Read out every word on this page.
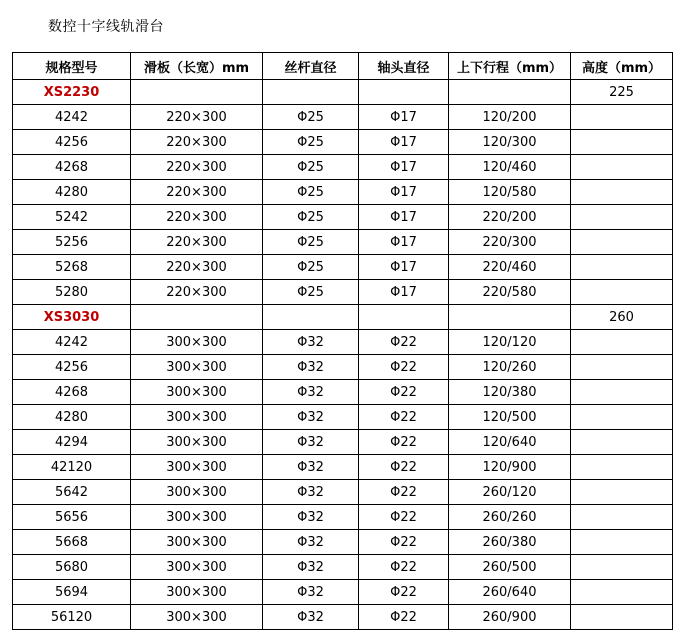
数控十字线轨滑台
规格型号	滑板（长宽）mm	丝杆直径	轴头直径	上下行程（mm）	高度（mm）
XS2230					225
4242	220×300	Φ25	Φ17	120/200	
4256	220×300	Φ25	Φ17	120/300	
4268	220×300	Φ25	Φ17	120/460	
4280	220×300	Φ25	Φ17	120/580	
5242	220×300	Φ25	Φ17	220/200	
5256	220×300	Φ25	Φ17	220/300	
5268	220×300	Φ25	Φ17	220/460	
5280	220×300	Φ25	Φ17	220/580	
XS3030					260
4242	300×300	Φ32	Φ22	120/120	
4256	300×300	Φ32	Φ22	120/260	
4268	300×300	Φ32	Φ22	120/380	
4280	300×300	Φ32	Φ22	120/500	
4294	300×300	Φ32	Φ22	120/640	
42120	300×300	Φ32	Φ22	120/900	
5642	300×300	Φ32	Φ22	260/120	
5656	300×300	Φ32	Φ22	260/260	
5668	300×300	Φ32	Φ22	260/380	
5680	300×300	Φ32	Φ22	260/500	
5694	300×300	Φ32	Φ22	260/640	
56120	300×300	Φ32	Φ22	260/900	
